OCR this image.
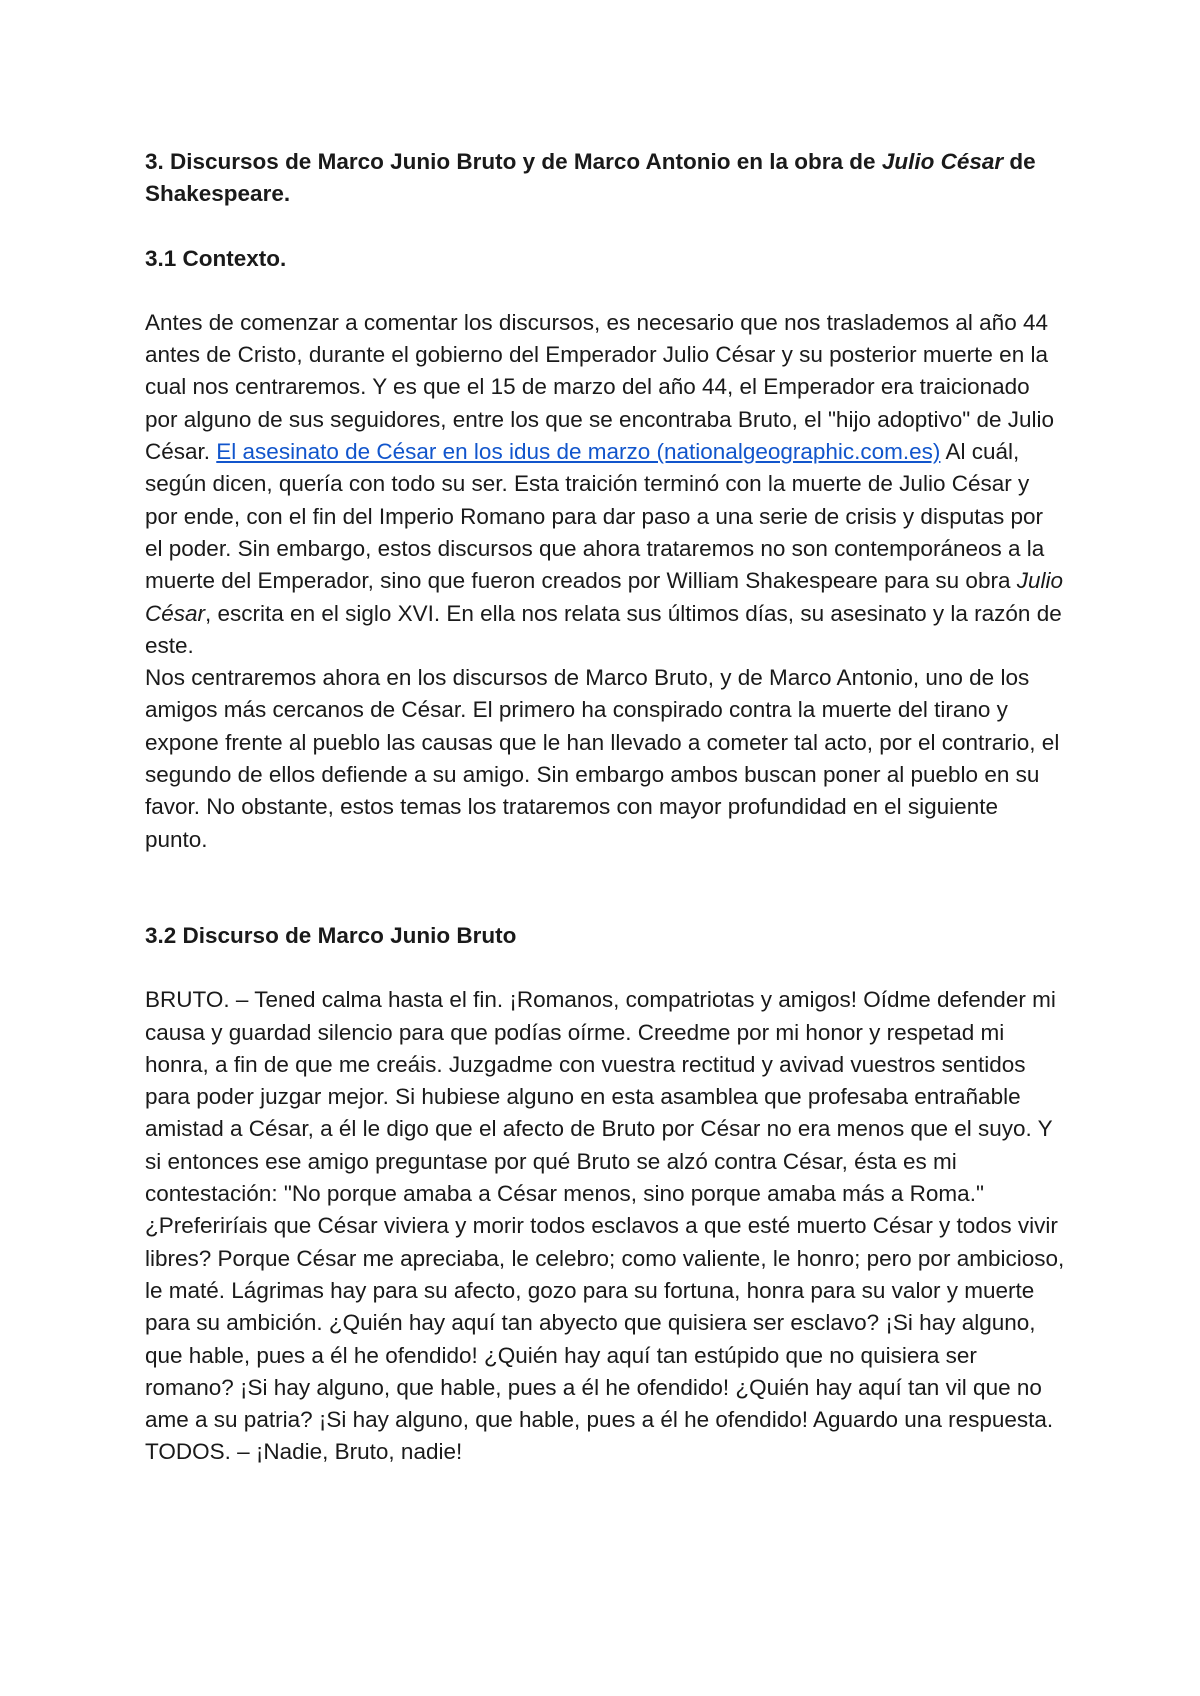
3. Discursos de Marco Junio Bruto y de Marco Antonio en la obra de Julio César de Shakespeare.

3.1 Contexto.

Antes de comenzar a comentar los discursos, es necesario que nos traslademos al año 44 antes de Cristo, durante el gobierno del Emperador Julio César y su posterior muerte en la cual nos centraremos. Y es que el 15 de marzo del año 44, el Emperador era traicionado por alguno de sus seguidores, entre los que se encontraba Bruto, el "hijo adoptivo" de Julio César. El asesinato de César en los idus de marzo (nationalgeographic.com.es) Al cuál, según dicen, quería con todo su ser. Esta traición terminó con la muerte de Julio César y por ende, con el fin del Imperio Romano para dar paso a una serie de crisis y disputas por el poder. Sin embargo, estos discursos que ahora trataremos no son contemporáneos a la muerte del Emperador, sino que fueron creados por William Shakespeare para su obra Julio César, escrita en el siglo XVI. En ella nos relata sus últimos días, su asesinato y la razón de este.

Nos centraremos ahora en los discursos de Marco Bruto, y de Marco Antonio, uno de los amigos más cercanos de César. El primero ha conspirado contra la muerte del tirano y expone frente al pueblo las causas que le han llevado a cometer tal acto, por el contrario, el segundo de ellos defiende a su amigo. Sin embargo ambos buscan poner al pueblo en su favor. No obstante, estos temas los trataremos con mayor profundidad en el siguiente punto.

3.2 Discurso de Marco Junio Bruto

BRUTO. – Tened calma hasta el fin. ¡Romanos, compatriotas y amigos! Oídme defender mi causa y guardad silencio para que podías oírme. Creedme por mi honor y respetad mi honra, a fin de que me creáis. Juzgadme con vuestra rectitud y avivad vuestros sentidos para poder juzgar mejor. Si hubiese alguno en esta asamblea que profesaba entrañable amistad a César, a él le digo que el afecto de Bruto por César no era menos que el suyo. Y si entonces ese amigo preguntase por qué Bruto se alzó contra César, ésta es mi contestación: "No porque amaba a César menos, sino porque amaba más a Roma." ¿Preferiríais que César viviera y morir todos esclavos a que esté muerto César y todos vivir libres? Porque César me apreciaba, le celebro; como valiente, le honro; pero por ambicioso, le maté. Lágrimas hay para su afecto, gozo para su fortuna, honra para su valor y muerte para su ambición. ¿Quién hay aquí tan abyecto que quisiera ser esclavo? ¡Si hay alguno, que hable, pues a él he ofendido! ¿Quién hay aquí tan estúpido que no quisiera ser romano? ¡Si hay alguno, que hable, pues a él he ofendido! ¿Quién hay aquí tan vil que no ame a su patria? ¡Si hay alguno, que hable, pues a él he ofendido! Aguardo una respuesta.

TODOS. – ¡Nadie, Bruto, nadie!
